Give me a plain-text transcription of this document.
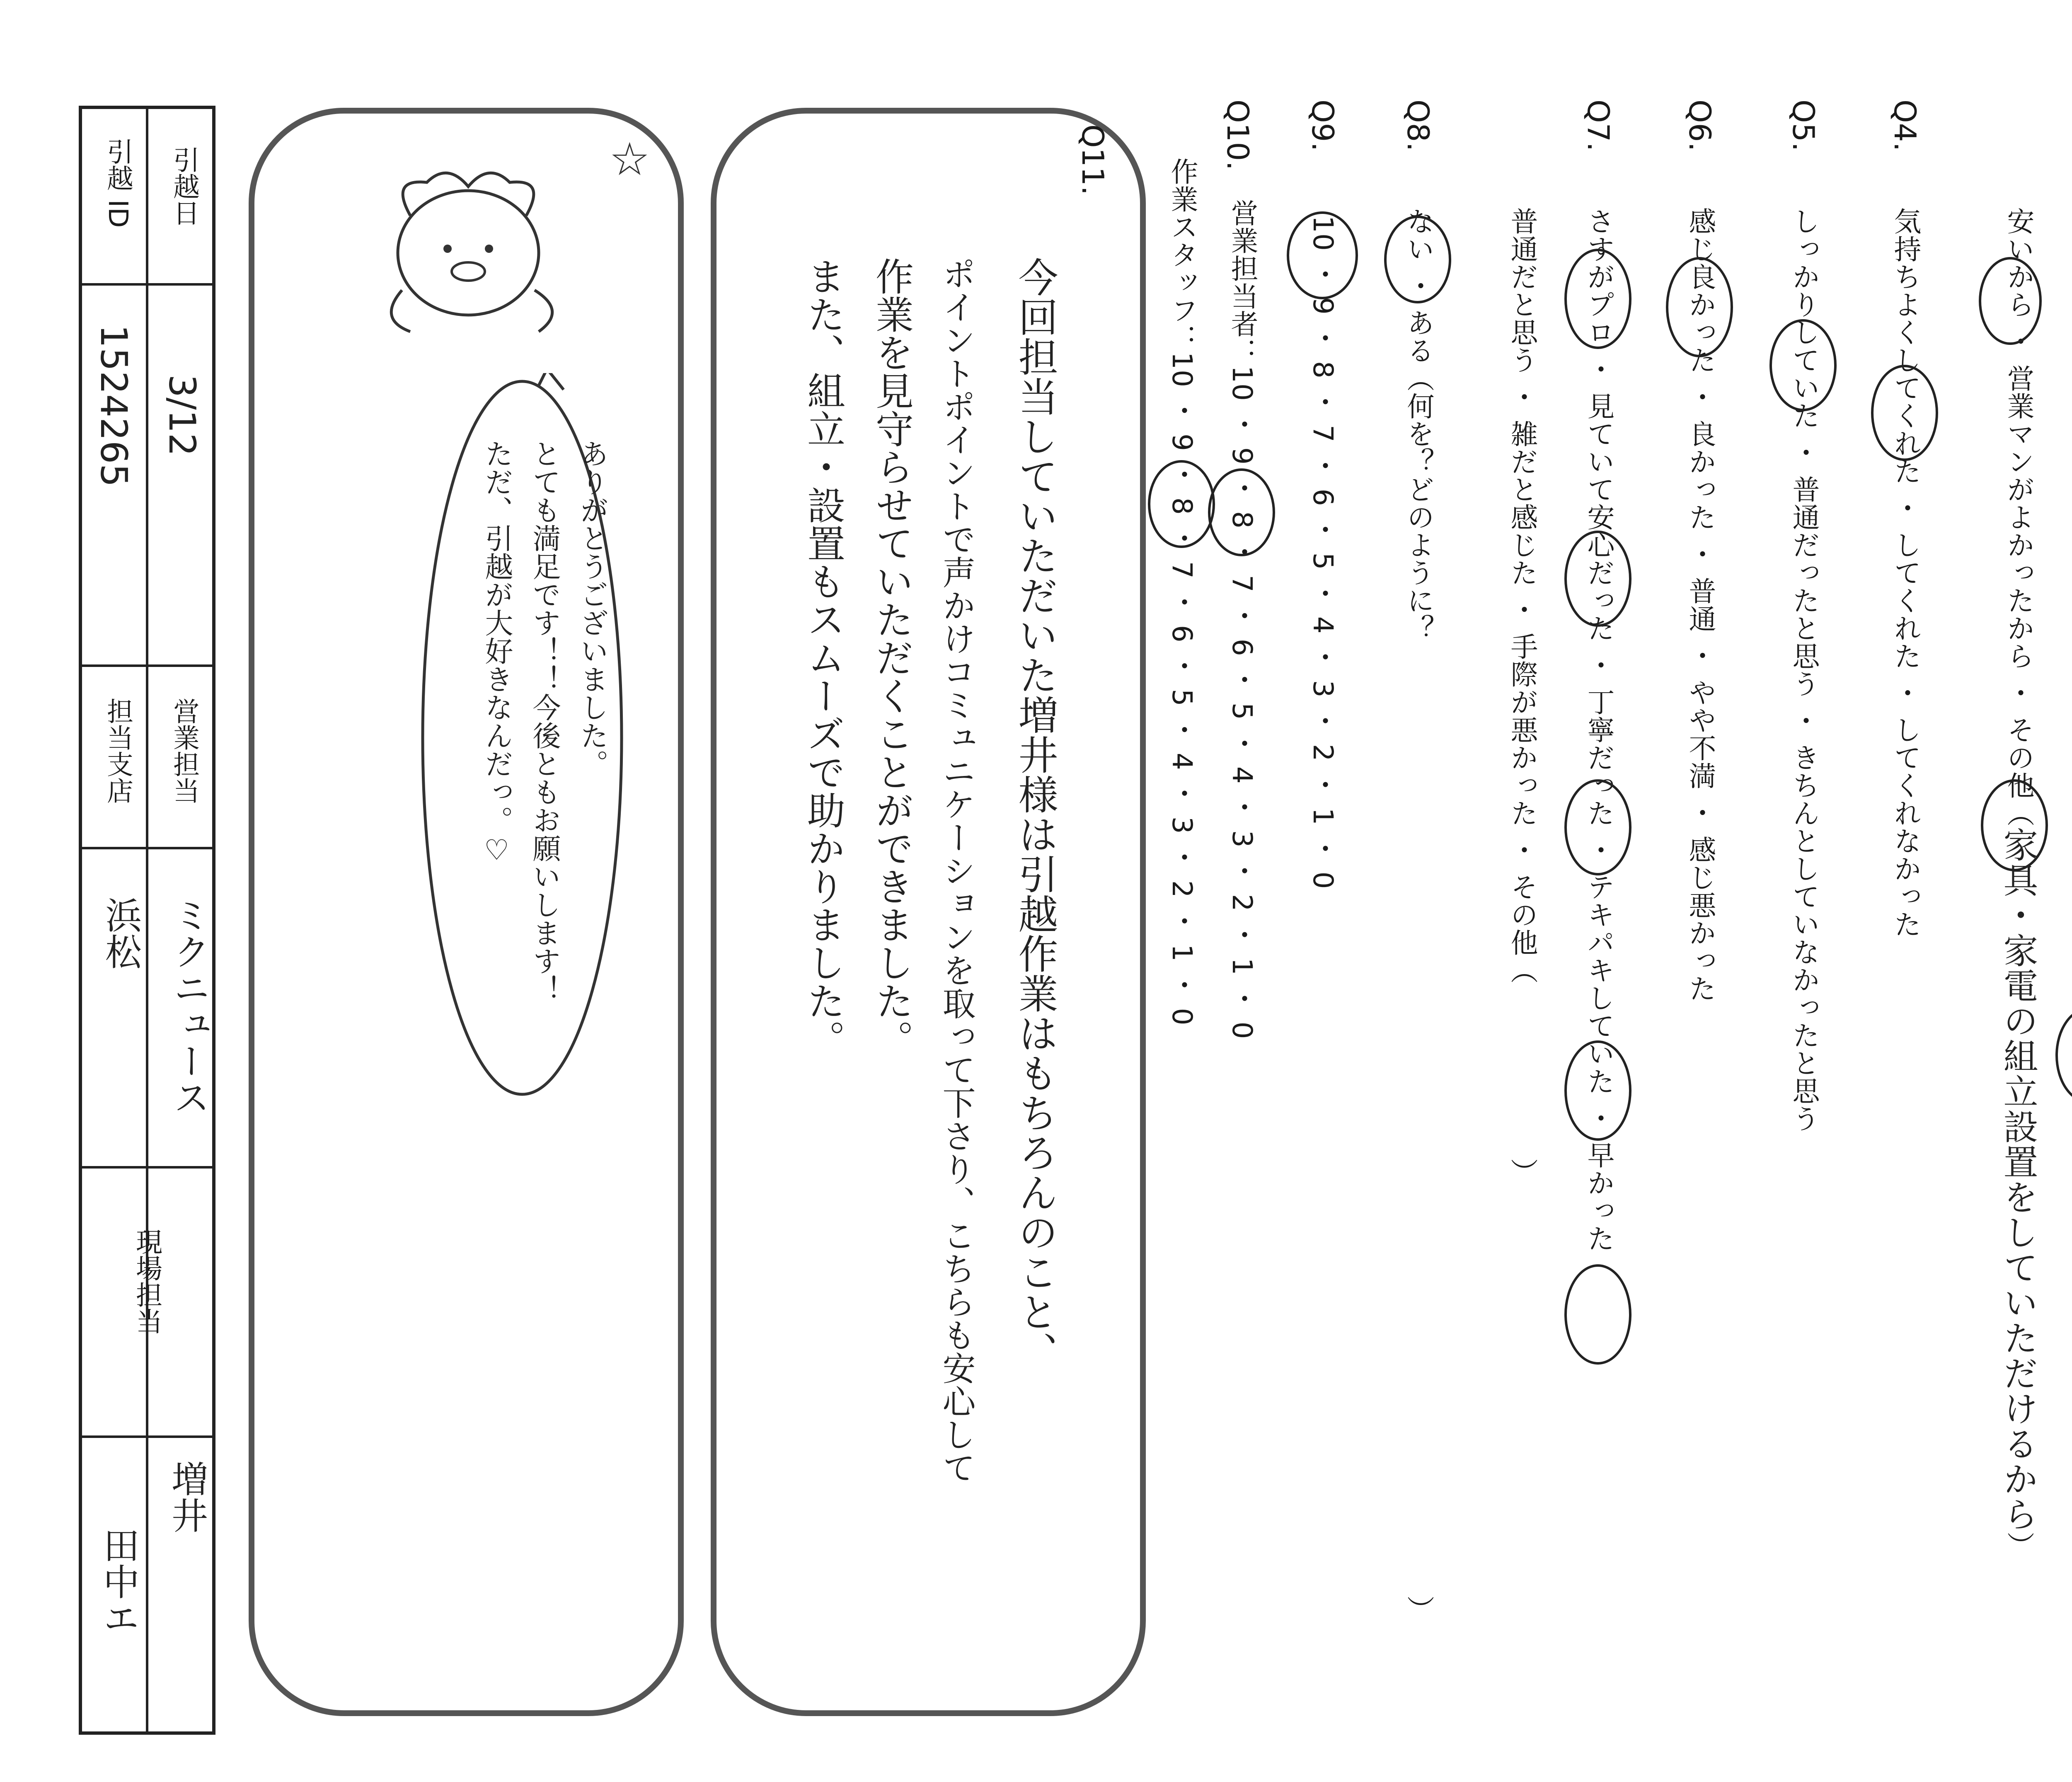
安いから ・ 営業マンがよかったから ・ その他（家具・家電の組立設置をしていただけるから）
Q4.
気持ちよくしてくれた ・ してくれた ・ してくれなかった
Q5.
しっかりしていた ・ 普通だったと思う ・ きちんとしていなかったと思う
Q6.
感じ良かった ・ 良かった ・ 普通 ・ やや不満 ・ 感じ悪かった
Q7.
さすがプロ ・ 見ていて安心だった ・ 丁寧だった ・ テキパキしていた ・ 早かった
普通だと思う ・ 雑だと感じた ・ 手際が悪かった ・ その他（）
Q8.
ない ・ ある（何を？どのように？）
Q9.
10 ・ 9 ・ 8 ・ 7 ・ 6 ・ 5 ・ 4 ・ 3 ・ 2 ・ 1 ・ 0
Q10.
営業担当者：10 ・ 9 ・ 8 ・ 7 ・ 6 ・ 5 ・ 4 ・ 3 ・ 2 ・ 1 ・ 0
作業スタッフ：10 ・ 9 ・ 8 ・ 7 ・ 6 ・ 5 ・ 4 ・ 3 ・ 2 ・ 1 ・ 0
Q11.
今回担当していただいた増井様は引越作業はもちろんのこと、
ポイントポイントで声かけコミュニケーションを取って下さり、こちらも安心して
作業を見守らせていただくことができました。
また、組立・設置もスムーズで助かりました。
☆
ありがとうございました。
とても満足です！！今後ともお願いします！
ただ、引越が大好きなんだっ。♡
引越日
引越 ID
3/12
1524265
営業担当
担当支店
ミクニュース
浜松
現場担当
増井
田中エ
